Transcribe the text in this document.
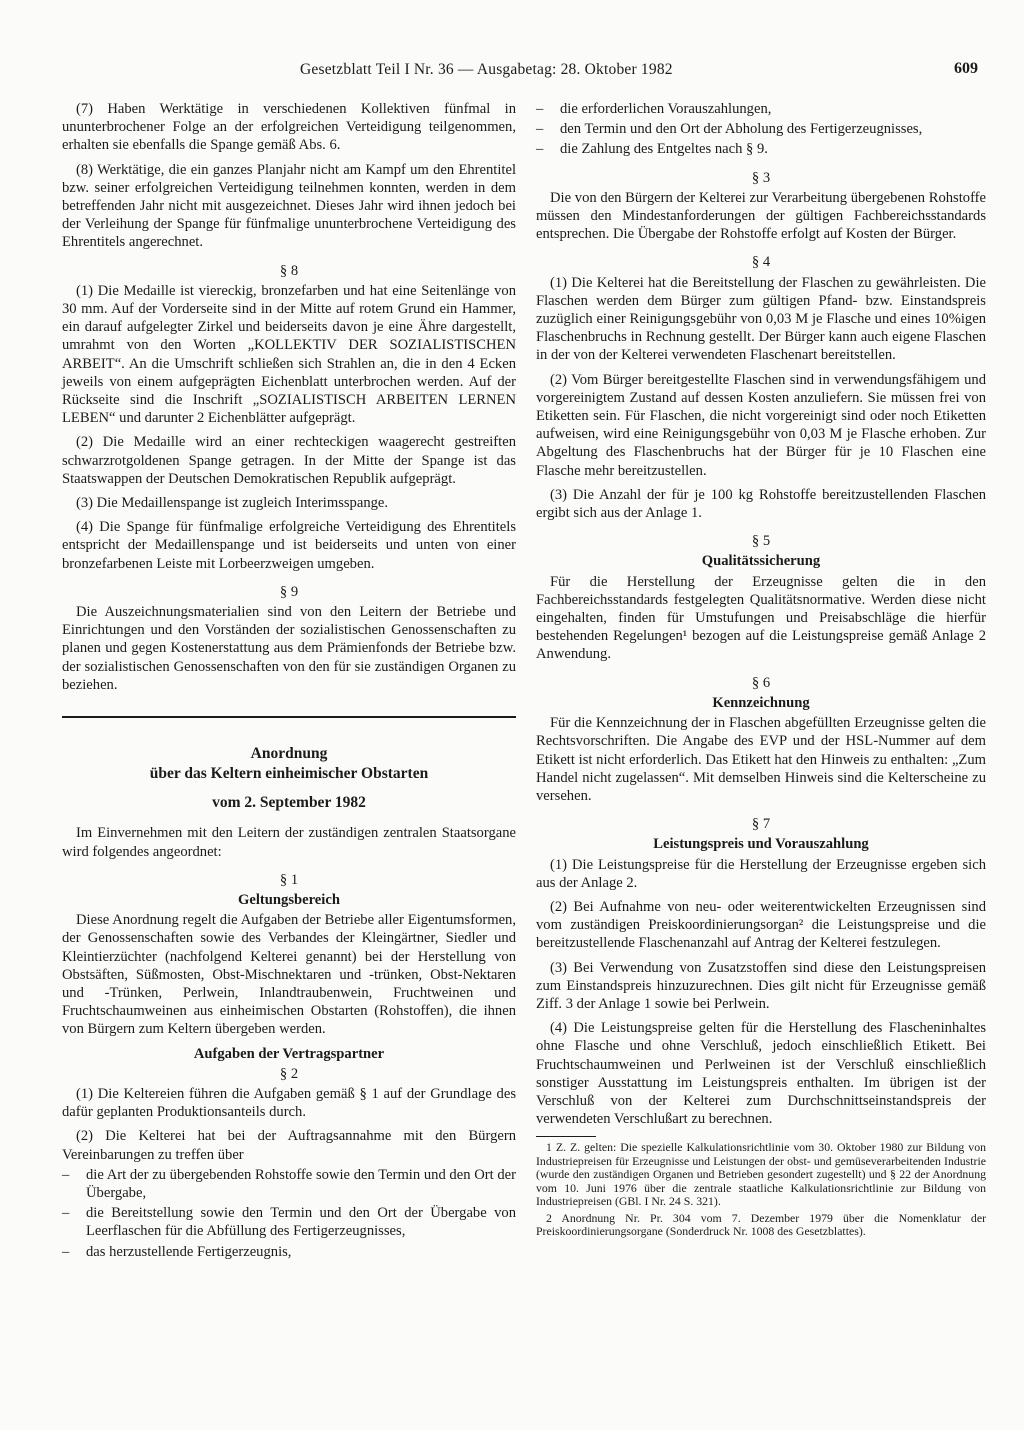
Gesetzblatt Teil I Nr. 36 — Ausgabetag: 28. Oktober 1982	609

(7) Haben Werktätige in verschiedenen Kollektiven fünfmal in ununterbrochener Folge an der erfolgreichen Verteidigung teilgenommen, erhalten sie ebenfalls die Spange gemäß Abs. 6.

(8) Werktätige, die ein ganzes Planjahr nicht am Kampf um den Ehrentitel bzw. seiner erfolgreichen Verteidigung teilnehmen konnten, werden in dem betreffenden Jahr nicht mit ausgezeichnet. Dieses Jahr wird ihnen jedoch bei der Verleihung der Spange für fünfmalige ununterbrochene Verteidigung des Ehrentitels angerechnet.

§ 8

(1) Die Medaille ist viereckig, bronzefarben und hat eine Seitenlänge von 30 mm. Auf der Vorderseite sind in der Mitte auf rotem Grund ein Hammer, ein darauf aufgelegter Zirkel und beiderseits davon je eine Ähre dargestellt, umrahmt von den Worten „KOLLEKTIV DER SOZIALISTISCHEN ARBEIT“. An die Umschrift schließen sich Strahlen an, die in den 4 Ecken jeweils von einem aufgeprägten Eichenblatt unterbrochen werden. Auf der Rückseite sind die Inschrift „SOZIALISTISCH ARBEITEN LERNEN LEBEN“ und darunter 2 Eichenblätter aufgeprägt.

(2) Die Medaille wird an einer rechteckigen waagerecht gestreiften schwarzrotgoldenen Spange getragen. In der Mitte der Spange ist das Staatswappen der Deutschen Demokratischen Republik aufgeprägt.

(3) Die Medaillenspange ist zugleich Interimsspange.

(4) Die Spange für fünfmalige erfolgreiche Verteidigung des Ehrentitels entspricht der Medaillenspange und ist beiderseits und unten von einer bronzefarbenen Leiste mit Lorbeerzweigen umgeben.

§ 9

Die Auszeichnungsmaterialien sind von den Leitern der Betriebe und Einrichtungen und den Vorständen der sozialistischen Genossenschaften zu planen und gegen Kostenerstattung aus dem Prämienfonds der Betriebe bzw. der sozialistischen Genossenschaften von den für sie zuständigen Organen zu beziehen.

Anordnung
über das Keltern einheimischer Obstarten
vom 2. September 1982

Im Einvernehmen mit den Leitern der zuständigen zentralen Staatsorgane wird folgendes angeordnet:

§ 1
Geltungsbereich

Diese Anordnung regelt die Aufgaben der Betriebe aller Eigentumsformen, der Genossenschaften sowie des Verbandes der Kleingärtner, Siedler und Kleintierzüchter (nachfolgend Kelterei genannt) bei der Herstellung von Obstsäften, Süßmosten, Obst-Mischnektaren und -trünken, Obst-Nektaren und -Trünken, Perlwein, Inlandtraubenwein, Fruchtweinen und Fruchtschaumweinen aus einheimischen Obstarten (Rohstoffen), die ihnen von Bürgern zum Keltern übergeben werden.

Aufgaben der Vertragspartner
§ 2

(1) Die Keltereien führen die Aufgaben gemäß § 1 auf der Grundlage des dafür geplanten Produktionsanteils durch.

(2) Die Kelterei hat bei der Auftragsannahme mit den Bürgern Vereinbarungen zu treffen über

–	die Art der zu übergebenden Rohstoffe sowie den Termin und den Ort der Übergabe,
–	die Bereitstellung sowie den Termin und den Ort der Übergabe von Leerflaschen für die Abfüllung des Fertigerzeugnisses,
–	das herzustellende Fertigerzeugnis,
–	die erforderlichen Vorauszahlungen,
–	den Termin und den Ort der Abholung des Fertigerzeugnisses,
–	die Zahlung des Entgeltes nach § 9.
§ 3

Die von den Bürgern der Kelterei zur Verarbeitung übergebenen Rohstoffe müssen den Mindestanforderungen der gültigen Fachbereichsstandards entsprechen. Die Übergabe der Rohstoffe erfolgt auf Kosten der Bürger.

§ 4

(1) Die Kelterei hat die Bereitstellung der Flaschen zu gewährleisten. Die Flaschen werden dem Bürger zum gültigen Pfand- bzw. Einstandspreis zuzüglich einer Reinigungsgebühr von 0,03 M je Flasche und eines 10%igen Flaschenbruchs in Rechnung gestellt. Der Bürger kann auch eigene Flaschen in der von der Kelterei verwendeten Flaschenart bereitstellen.

(2) Vom Bürger bereitgestellte Flaschen sind in verwendungsfähigem und vorgereinigtem Zustand auf dessen Kosten anzuliefern. Sie müssen frei von Etiketten sein. Für Flaschen, die nicht vorgereinigt sind oder noch Etiketten aufweisen, wird eine Reinigungsgebühr von 0,03 M je Flasche erhoben. Zur Abgeltung des Flaschenbruchs hat der Bürger für je 10 Flaschen eine Flasche mehr bereitzustellen.

(3) Die Anzahl der für je 100 kg Rohstoffe bereitzustellenden Flaschen ergibt sich aus der Anlage 1.

§ 5
Qualitätssicherung

Für die Herstellung der Erzeugnisse gelten die in den Fachbereichsstandards festgelegten Qualitätsnormative. Werden diese nicht eingehalten, finden für Umstufungen und Preisabschläge die hierfür bestehenden Regelungen¹ bezogen auf die Leistungspreise gemäß Anlage 2 Anwendung.

§ 6
Kennzeichnung

Für die Kennzeichnung der in Flaschen abgefüllten Erzeugnisse gelten die Rechtsvorschriften. Die Angabe des EVP und der HSL-Nummer auf dem Etikett ist nicht erforderlich. Das Etikett hat den Hinweis zu enthalten: „Zum Handel nicht zugelassen“. Mit demselben Hinweis sind die Kelterscheine zu versehen.

§ 7
Leistungspreis und Vorauszahlung

(1) Die Leistungspreise für die Herstellung der Erzeugnisse ergeben sich aus der Anlage 2.

(2) Bei Aufnahme von neu- oder weiterentwickelten Erzeugnissen sind vom zuständigen Preiskoordinierungsorgan² die Leistungspreise und die bereitzustellende Flaschenanzahl auf Antrag der Kelterei festzulegen.

(3) Bei Verwendung von Zusatzstoffen sind diese den Leistungspreisen zum Einstandspreis hinzuzurechnen. Dies gilt nicht für Erzeugnisse gemäß Ziff. 3 der Anlage 1 sowie bei Perlwein.

(4) Die Leistungspreise gelten für die Herstellung des Flascheninhaltes ohne Flasche und ohne Verschluß, jedoch einschließlich Etikett. Bei Fruchtschaumweinen und Perlweinen ist der Verschluß einschließlich sonstiger Ausstattung im Leistungspreis enthalten. Im übrigen ist der Verschluß von der Kelterei zum Durchschnittseinstandspreis der verwendeten Verschlußart zu berechnen.

1 Z. Z. gelten: Die spezielle Kalkulationsrichtlinie vom 30. Oktober 1980 zur Bildung von Industriepreisen für Erzeugnisse und Leistungen der obst- und gemüseverarbeitenden Industrie (wurde den zuständigen Organen und Betrieben gesondert zugestellt) und § 22 der Anordnung vom 10. Juni 1976 über die zentrale staatliche Kalkulationsrichtlinie zur Bildung von Industriepreisen (GBl. I Nr. 24 S. 321).

2 Anordnung Nr. Pr. 304 vom 7. Dezember 1979 über die Nomenklatur der Preiskoordinierungsorgane (Sonderdruck Nr. 1008 des Gesetzblattes).
